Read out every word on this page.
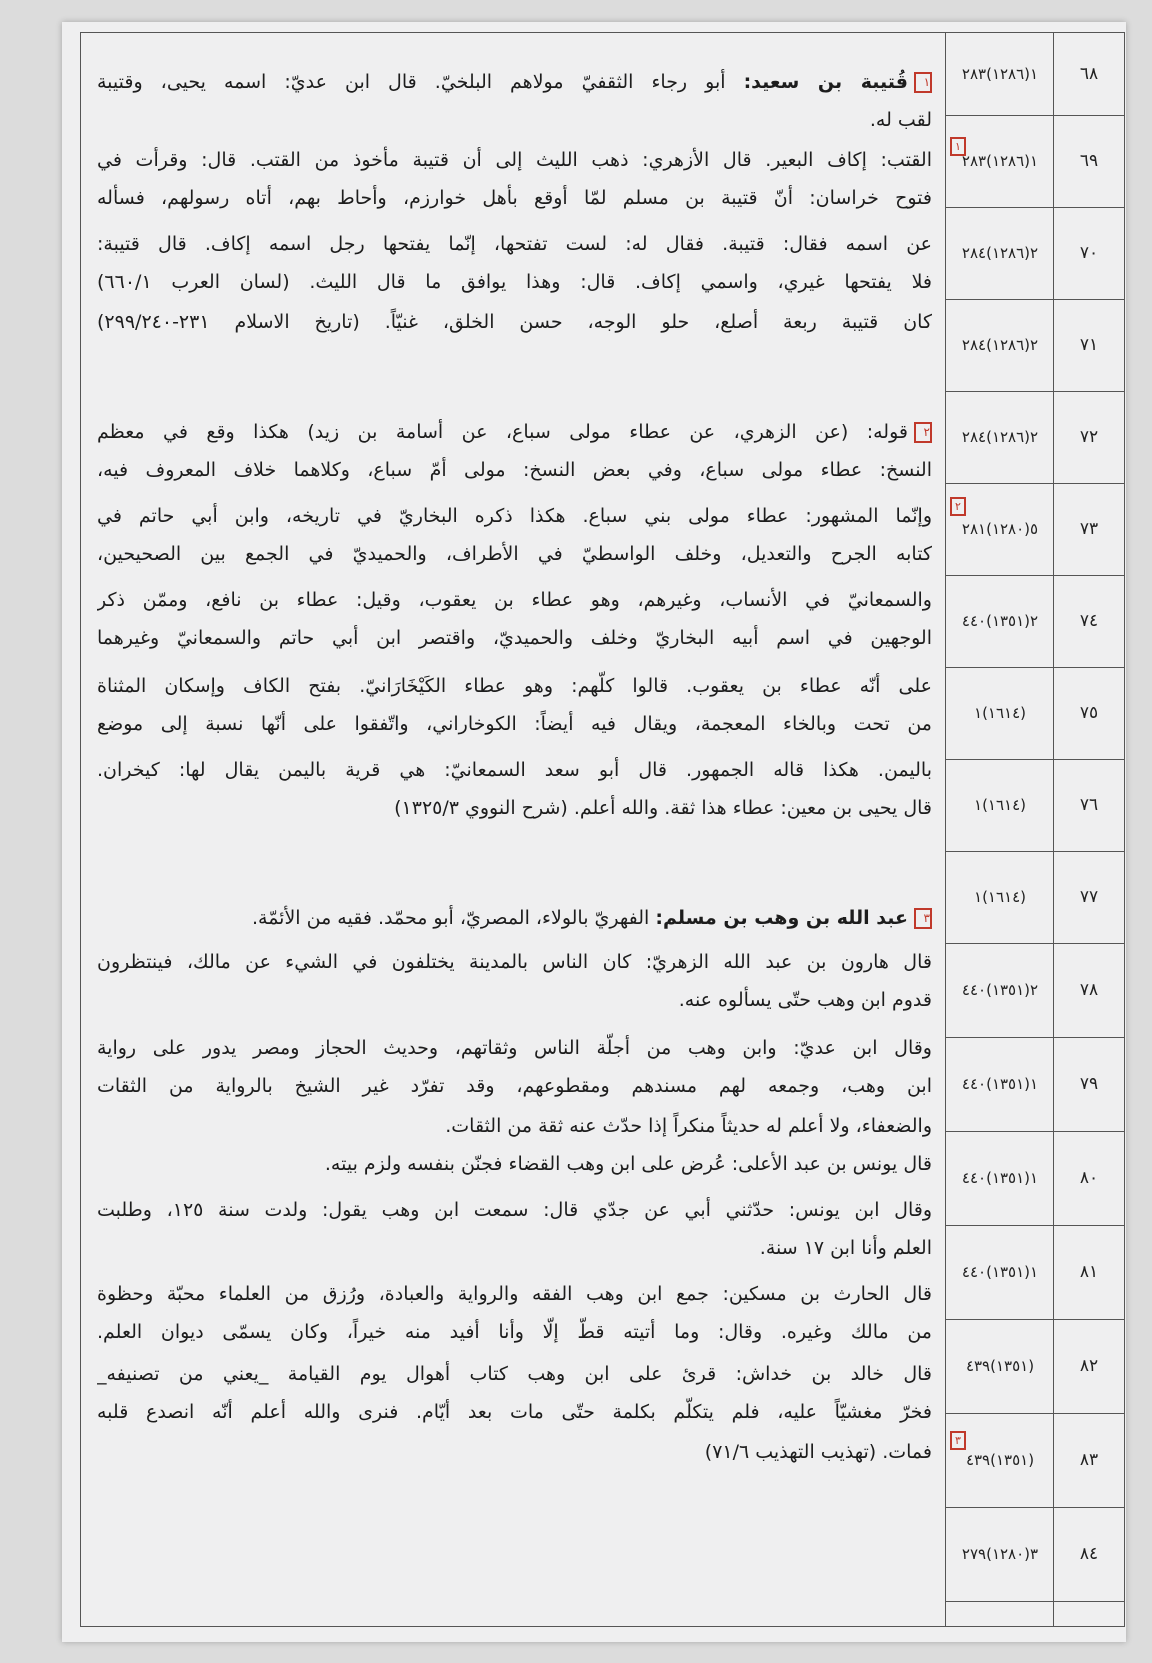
٦٨
٦٩
٧٠
٧١
٧٢
٧٣
٧٤
٧٥
٧٦
٧٧
٧٨
٧٩
٨٠
٨١
٨٢
٨٣
٨٤
١(١٢٨٦)٢٨٣
١(١٢٨٦)٢٨٣
٢(١٢٨٦)٢٨٤
٢(١٢٨٦)٢٨٤
٢(١٢٨٦)٢٨٤
٥(١٢٨٠)٢٨١
٢(١٣٥١)٤٤٠
(١٦١٤)١
(١٦١٤)١
(١٦١٤)١
٢(١٣٥١)٤٤٠
١(١٣٥١)٤٤٠
١(١٣٥١)٤٤٠
١(١٣٥١)٤٤٠
(١٣٥١)٤٣٩
(١٣٥١)٤٣٩
٣(١٢٨٠)٢٧٩
١
٢
٣
١قُتيبة بن سعيد: أبو رجاء الثقفيّ مولاهم البلخيّ. قال ابن عديّ: اسمه يحيى، وقتيبة
لقب له.
القتب: إكاف البعير. قال الأزهري: ذهب الليث إلى أن قتيبة مأخوذ من القتب. قال: وقرأت في
فتوح خراسان: أنّ قتيبة بن مسلم لمّا أوقع بأهل خوارزم، وأحاط بهم، أتاه رسولهم، فسأله
عن اسمه فقال: قتيبة. فقال له: لست تفتحها، إنّما يفتحها رجل اسمه إكاف. قال قتيبة:
فلا يفتحها غيري، واسمي إكاف. قال: وهذا يوافق ما قال الليث. (لسان العرب ٦٦٠/١)
كان قتيبة ربعة أصلع، حلو الوجه، حسن الخلق، غنيّاً. (تاريخ الاسلام ٢٣١-٢٩٩/٢٤٠)
٢قوله: (عن الزهري، عن عطاء مولى سباع، عن أسامة بن زيد) هكذا وقع في معظم
النسخ: عطاء مولى سباع، وفي بعض النسخ: مولى أمّ سباع، وكلاهما خلاف المعروف فيه،
وإنّما المشهور: عطاء مولى بني سباع. هكذا ذكره البخاريّ في تاريخه، وابن أبي حاتم في
كتابه الجرح والتعديل، وخلف الواسطيّ في الأطراف، والحميديّ في الجمع بين الصحيحين،
والسمعانيّ في الأنساب، وغيرهم، وهو عطاء بن يعقوب، وقيل: عطاء بن نافع، وممّن ذكر
الوجهين في اسم أبيه البخاريّ وخلف والحميديّ، واقتصر ابن أبي حاتم والسمعانيّ وغيرهما
على أنّه عطاء بن يعقوب. قالوا كلّهم: وهو عطاء الكَيْخَارَانيّ. بفتح الكاف وإسكان المثناة
من تحت وبالخاء المعجمة، ويقال فيه أيضاً: الكوخاراني، واتّفقوا على أنّها نسبة إلى موضع
باليمن. هكذا قاله الجمهور. قال أبو سعد السمعانيّ: هي قرية باليمن يقال لها: كيخران.
قال يحيى بن معين: عطاء هذا ثقة. والله أعلم. (شرح النووي ١٣٢٥/٣)
٣عبد الله بن وهب بن مسلم: الفهريّ بالولاء، المصريّ، أبو محمّد. فقيه من الأئمّة.
قال هارون بن عبد الله الزهريّ: كان الناس بالمدينة يختلفون في الشيء عن مالك، فينتظرون
قدوم ابن وهب حتّى يسألوه عنه.
وقال ابن عديّ: وابن وهب من أجلّة الناس وثقاتهم، وحديث الحجاز ومصر يدور على رواية
ابن وهب، وجمعه لهم مسندهم ومقطوعهم، وقد تفرّد غير الشيخ بالرواية من الثقات
والضعفاء، ولا أعلم له حديثاً منكراً إذا حدّث عنه ثقة من الثقات.
قال يونس بن عبد الأعلى: عُرض على ابن وهب القضاء فجنّن بنفسه ولزم بيته.
وقال ابن يونس: حدّثني أبي عن جدّي قال: سمعت ابن وهب يقول: ولدت سنة ١٢٥، وطلبت
العلم وأنا ابن ١٧ سنة.
قال الحارث بن مسكين: جمع ابن وهب الفقه والرواية والعبادة، ورُزق من العلماء محبّة وحظوة
من مالك وغيره. وقال: وما أتيته قطّ إلّا وأنا أفيد منه خيراً، وكان يسمّى ديوان العلم.
قال خالد بن خداش: قرئ على ابن وهب كتاب أهوال يوم القيامة _يعني من تصنيفه_
فخرّ مغشيّاً عليه، فلم يتكلّم بكلمة حتّى مات بعد أيّام. فنرى والله أعلم أنّه انصدع قلبه
فمات. (تهذيب التهذيب ٧١/٦)
